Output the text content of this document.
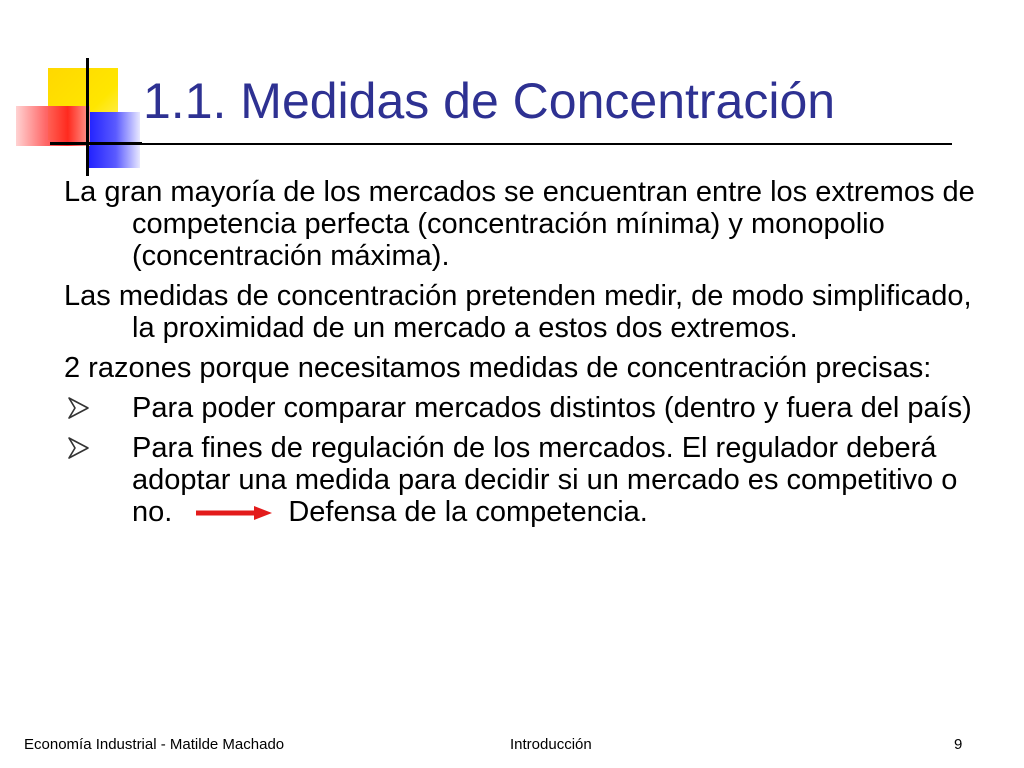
1.1. Medidas de Concentración

La gran mayoría de los mercados se encuentran entre los extremos de competencia perfecta (concentración mínima) y monopolio (concentración máxima).

Las medidas de concentración pretenden medir, de modo simplificado, la proximidad de un mercado a estos dos extremos.

2 razones porque necesitamos medidas de concentración precisas:

Para poder comparar mercados distintos (dentro y fuera del país)
Para fines de regulación de los mercados. El regulador deberá adoptar una medida para decidir si un mercado es competitivo o no.	Defensa de la competencia.
Economía Industrial - Matilde Machado	Introducción	9
